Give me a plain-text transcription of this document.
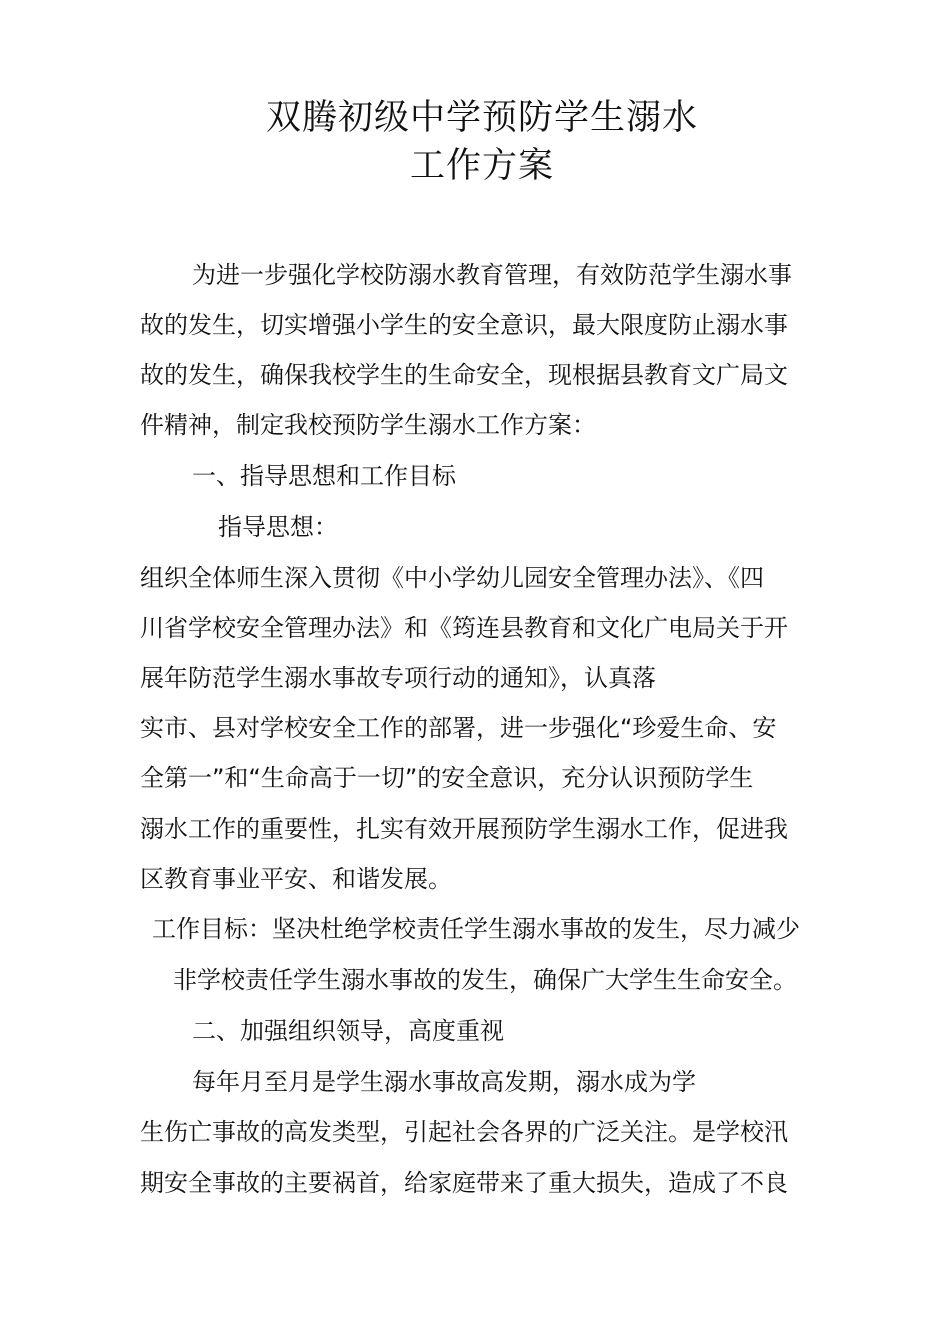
双腾初级中学预防学生溺水
工作方案
为进一步强化学校防溺水教育管理，有效防范学生溺水事
故的发生，切实增强小学生的安全意识，最大限度防止溺水事
故的发生，确保我校学生的生命安全，现根据县教育文广局文
件精神，制定我校预防学生溺水工作方案：
一、指导思想和工作目标
指导思想：
组织全体师生深入贯彻《中小学幼儿园安全管理办法》、《四
川省学校安全管理办法》和《筠连县教育和文化广电局关于开
展年防范学生溺水事故专项行动的通知》，认真落
实市、县对学校安全工作的部署，进一步强化“珍爱生命、安
全第一”和“生命高于一切”的安全意识，充分认识预防学生
溺水工作的重要性，扎实有效开展预防学生溺水工作，促进我
区教育事业平安、和谐发展。
工作目标：坚决杜绝学校责任学生溺水事故的发生，尽力减少
非学校责任学生溺水事故的发生，确保广大学生生命安全。
二、加强组织领导，高度重视
每年月至月是学生溺水事故高发期，溺水成为学
生伤亡事故的高发类型，引起社会各界的广泛关注。是学校汛
期安全事故的主要祸首，给家庭带来了重大损失，造成了不良
